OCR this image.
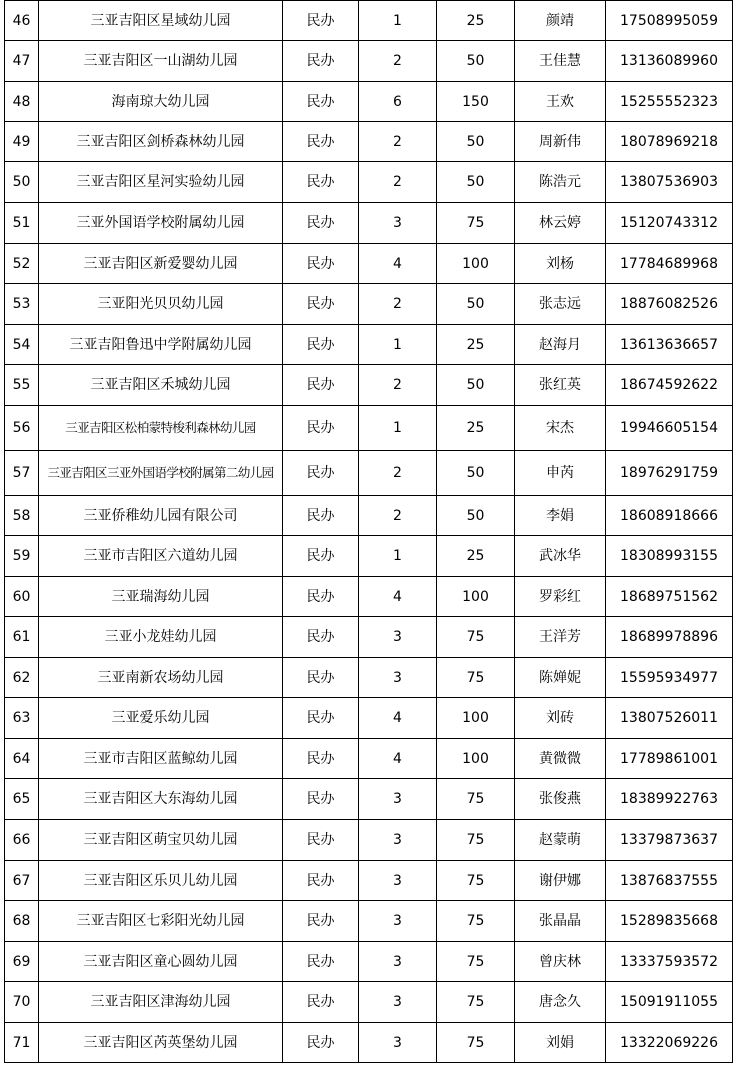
46	三亚吉阳区星域幼儿园	民办	1	25	颜靖	17508995059
47	三亚吉阳区一山湖幼儿园	民办	2	50	王佳慧	13136089960
48	海南琼大幼儿园	民办	6	150	王欢	15255552323
49	三亚吉阳区剑桥森林幼儿园	民办	2	50	周新伟	18078969218
50	三亚吉阳区星河实验幼儿园	民办	2	50	陈浩元	13807536903
51	三亚外国语学校附属幼儿园	民办	3	75	林云婷	15120743312
52	三亚吉阳区新爱婴幼儿园	民办	4	100	刘杨	17784689968
53	三亚阳光贝贝幼儿园	民办	2	50	张志远	18876082526
54	三亚吉阳鲁迅中学附属幼儿园	民办	1	25	赵海月	13613636657
55	三亚吉阳区禾城幼儿园	民办	2	50	张红英	18674592622
56	三亚吉阳区松柏蒙特梭利森林幼儿园	民办	1	25	宋杰	19946605154
57	三亚吉阳区三亚外国语学校附属第二幼儿园	民办	2	50	申芮	18976291759
58	三亚侨稚幼儿园有限公司	民办	2	50	李娟	18608918666
59	三亚市吉阳区六道幼儿园	民办	1	25	武冰华	18308993155
60	三亚瑞海幼儿园	民办	4	100	罗彩红	18689751562
61	三亚小龙娃幼儿园	民办	3	75	王洋芳	18689978896
62	三亚南新农场幼儿园	民办	3	75	陈婵妮	15595934977
63	三亚爱乐幼儿园	民办	4	100	刘砖	13807526011
64	三亚市吉阳区蓝鲸幼儿园	民办	4	100	黄微微	17789861001
65	三亚吉阳区大东海幼儿园	民办	3	75	张俊燕	18389922763
66	三亚吉阳区萌宝贝幼儿园	民办	3	75	赵蒙萌	13379873637
67	三亚吉阳区乐贝儿幼儿园	民办	3	75	谢伊娜	13876837555
68	三亚吉阳区七彩阳光幼儿园	民办	3	75	张晶晶	15289835668
69	三亚吉阳区童心圆幼儿园	民办	3	75	曾庆林	13337593572
70	三亚吉阳区津海幼儿园	民办	3	75	唐念久	15091911055
71	三亚吉阳区芮英堡幼儿园	民办	3	75	刘娟	13322069226
